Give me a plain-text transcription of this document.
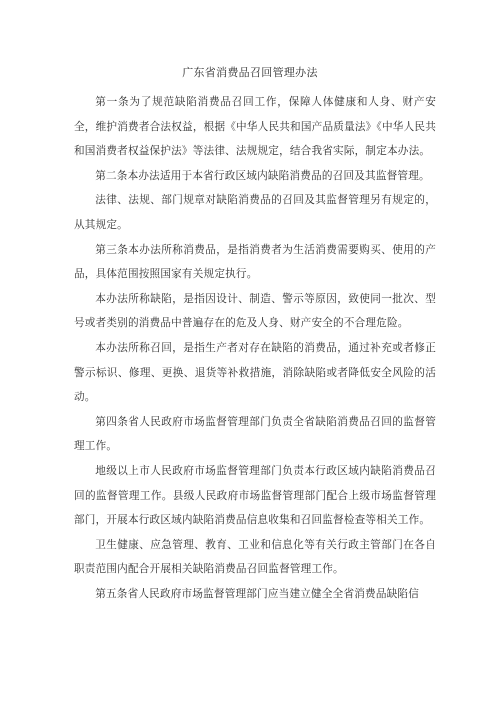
广东省消费品召回管理办法

第一条为了规范缺陷消费品召回工作，保障人体健康和人身、财产安全，维护消费者合法权益，根据《中华人民共和国产品质量法》《中华人民共和国消费者权益保护法》等法律、法规规定，结合我省实际，制定本办法。

第二条本办法适用于本省行政区域内缺陷消费品的召回及其监督管理。

法律、法规、部门规章对缺陷消费品的召回及其监督管理另有规定的，从其规定。

第三条本办法所称消费品，是指消费者为生活消费需要购买、使用的产品，具体范围按照国家有关规定执行。

本办法所称缺陷，是指因设计、制造、警示等原因，致使同一批次、型号或者类别的消费品中普遍存在的危及人身、财产安全的不合理危险。

本办法所称召回，是指生产者对存在缺陷的消费品，通过补充或者修正警示标识、修理、更换、退货等补救措施，消除缺陷或者降低安全风险的活动。

第四条省人民政府市场监督管理部门负责全省缺陷消费品召回的监督管理工作。

地级以上市人民政府市场监督管理部门负责本行政区域内缺陷消费品召回的监督管理工作。县级人民政府市场监督管理部门配合上级市场监督管理部门，开展本行政区域内缺陷消费品信息收集和召回监督检查等相关工作。

卫生健康、应急管理、教育、工业和信息化等有关行政主管部门在各自职责范围内配合开展相关缺陷消费品召回监督管理工作。

第五条省人民政府市场监督管理部门应当建立健全全省消费品缺陷信
